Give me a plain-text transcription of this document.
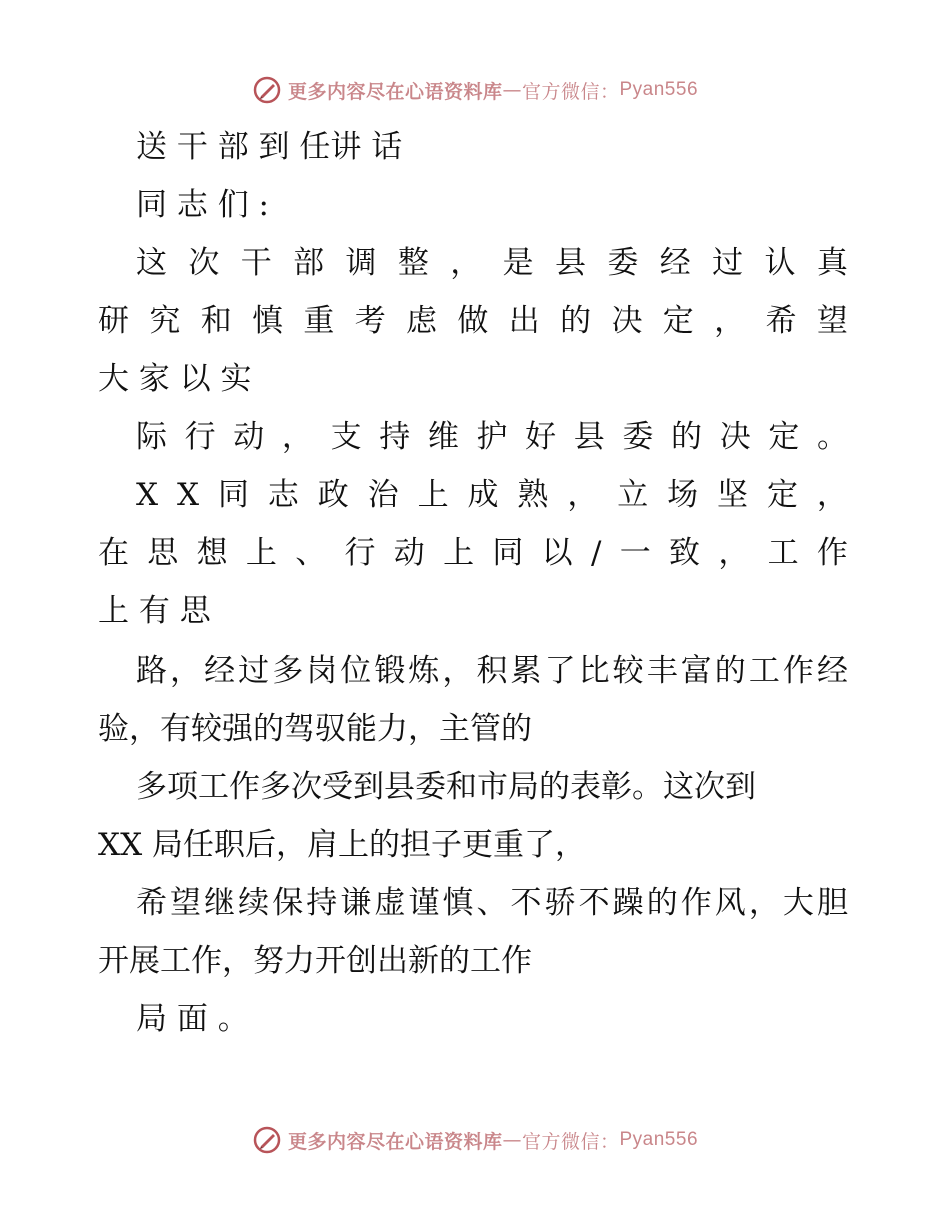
更多内容尽在心语资料库 — 官方微信： Pyan556

送 干 部 到 任讲 话

同 志 们 :

这 次 干 部 调 整 ， 是 县 委 经 过 认 真

研 究 和 慎 重 考 虑 做 出 的 决 定 ， 希 望

大 家 以 实

际 行 动 ， 支 持 维 护 好 县 委 的 决 定 。

X X 同 志 政 治 上 成 熟 ， 立 场 坚 定 ，

在 思 想 上 、 行 动 上 同 以 / 一 致 ， 工 作

上 有 思

路 ， 经 过 多 岗 位 锻 炼 ， 积 累 了 比 较 丰 富 的 工 作 经

验，有较强的驾驭能力，主管的

多项工作多次受到县委和市局的表彰。这次到

XX 局任职后，肩上的担子更重了，

希 望 继 续 保 持 谦 虚 谨 慎 、 不 骄 不 躁 的 作 风 ， 大 胆

开展工作，努力开创出新的工作

局 面 。

更多内容尽在心语资料库 — 官方微信： Pyan556
